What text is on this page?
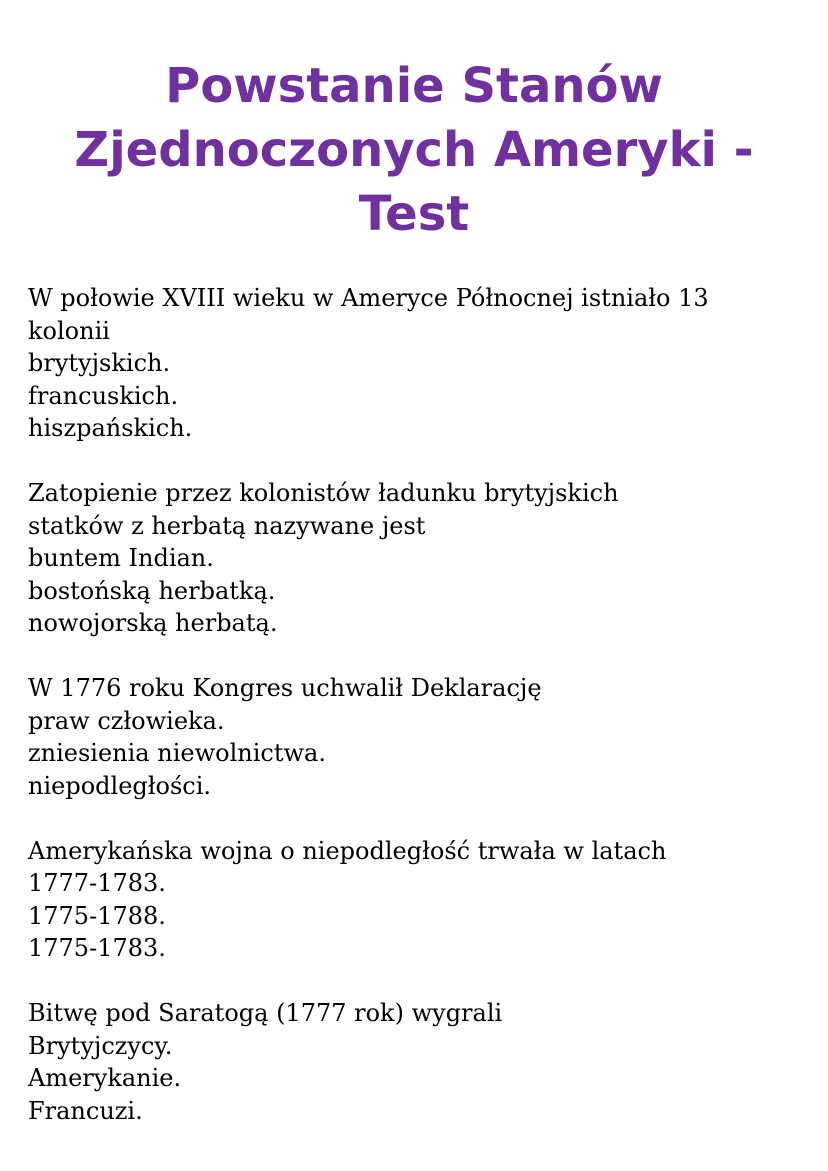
Powstanie Stanów
Zjednoczonych Ameryki -
Test
W połowie XVIII wieku w Ameryce Północnej istniało 13
kolonii
brytyjskich.
francuskich.
hiszpańskich.
Zatopienie przez kolonistów ładunku brytyjskich
statków z herbatą nazywane jest
buntem Indian.
bostońską herbatką.
nowojorską herbatą.
W 1776 roku Kongres uchwalił Deklarację
praw człowieka.
zniesienia niewolnictwa.
niepodległości.
Amerykańska wojna o niepodległość trwała w latach
1777-1783.
1775-1788.
1775-1783.
Bitwę pod Saratogą (1777 rok) wygrali
Brytyjczycy.
Amerykanie.
Francuzi.
